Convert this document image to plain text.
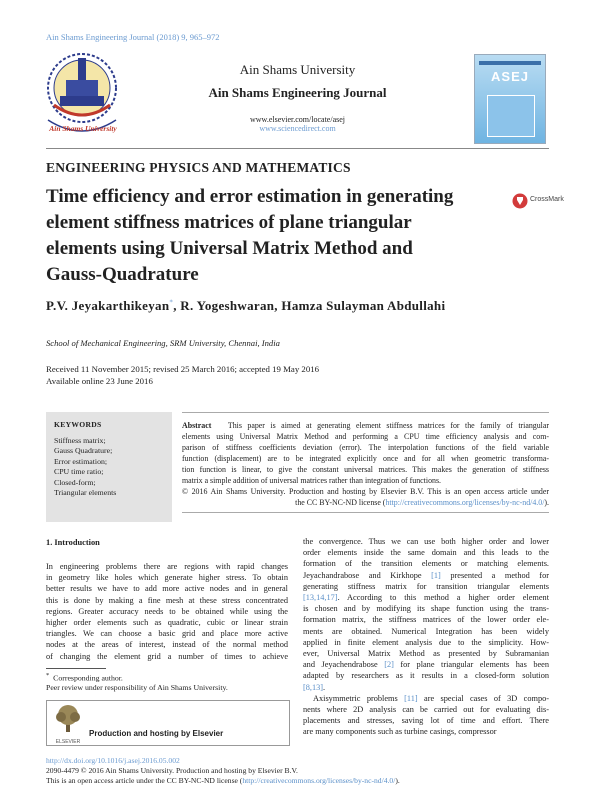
Ain Shams Engineering Journal (2018) 9, 965–972
Ain Shams University
Ain Shams University
Ain Shams Engineering Journal
www.elsevier.com/locate/asej
www.sciencedirect.com
ASEJ
ENGINEERING PHYSICS AND MATHEMATICS
Time efficiency and error estimation in generating
element stiffness matrices of plane triangular
elements using Universal Matrix Method and
Gauss-Quadrature
CrossMark
P.V. Jeyakarthikeyan*, R. Yogeshwaran, Hamza Sulayman Abdullahi
School of Mechanical Engineering, SRM University, Chennai, India
Received 11 November 2015; revised 25 March 2016; accepted 19 May 2016
Available online 23 June 2016
KEYWORDS
Stiffness matrix;
Gauss Quadrature;
Error estimation;
CPU time ratio;
Closed-form;
Triangular elements
Abstract This paper is aimed at generating element stiffness matrices for the family of triangular
elements using Universal Matrix Method and performing a CPU time efficiency analysis and com-
parison of stiffness coefficients deviation (error). The interpolation functions of the field variable
function (displacement) are to be integrated explicitly once and for all when geometric transforma-
tion function is linear, to give the constant universal matrices. This makes the generation of stiffness
matrix a simple addition of universal matrices rather than integration of functions.
© 2016 Ain Shams University. Production and hosting by Elsevier B.V. This is an open access article under
the CC BY-NC-ND license (http://creativecommons.org/licenses/by-nc-nd/4.0/).
1. Introduction
In engineering problems there are regions with rapid changes
in geometry like holes which generate higher stress. To obtain
better results we have to add more active nodes and in general
this is done by making a fine mesh at these stress concentrated
regions. Greater accuracy needs to be obtained while using the
higher order elements such as quadratic, cubic or linear strain
triangles. We can choose a basic grid and place more active
nodes at the areas of interest, instead of the normal method
of changing the element grid a number of times to achieve
* Corresponding author.
Peer review under responsibility of Ain Shams University.
ELSEVIER
Production and hosting by Elsevier
the convergence. Thus we can use both higher order and lower
order elements inside the same domain and this leads to the
formation of the transition elements or matching elements.
Jeyachandrabose and Kirkhope [1] presented a method for
generating stiffness matrix for transition triangular elements
[13,14,17]. According to this method a higher order element
is chosen and by modifying its shape function using the trans-
formation matrix, the stiffness matrices of the lower order ele-
ments are obtained. Numerical Integration has been widely
applied in finite element analysis due to the simplicity. How-
ever, Universal Matrix Method as presented by Subramanian
and Jeyachendrabose [2] for plane triangular elements has been
adapted by researchers as it results in a closed-form solution
[8,13].
Axisymmetric problems [11] are special cases of 3D compo-
nents where 2D analysis can be carried out for evaluating dis-
placements and stresses, saving lot of time and effort. There
are many components such as turbine casings, compressor
http://dx.doi.org/10.1016/j.asej.2016.05.002
2090-4479 © 2016 Ain Shams University. Production and hosting by Elsevier B.V.
This is an open access article under the CC BY-NC-ND license (http://creativecommons.org/licenses/by-nc-nd/4.0/).
